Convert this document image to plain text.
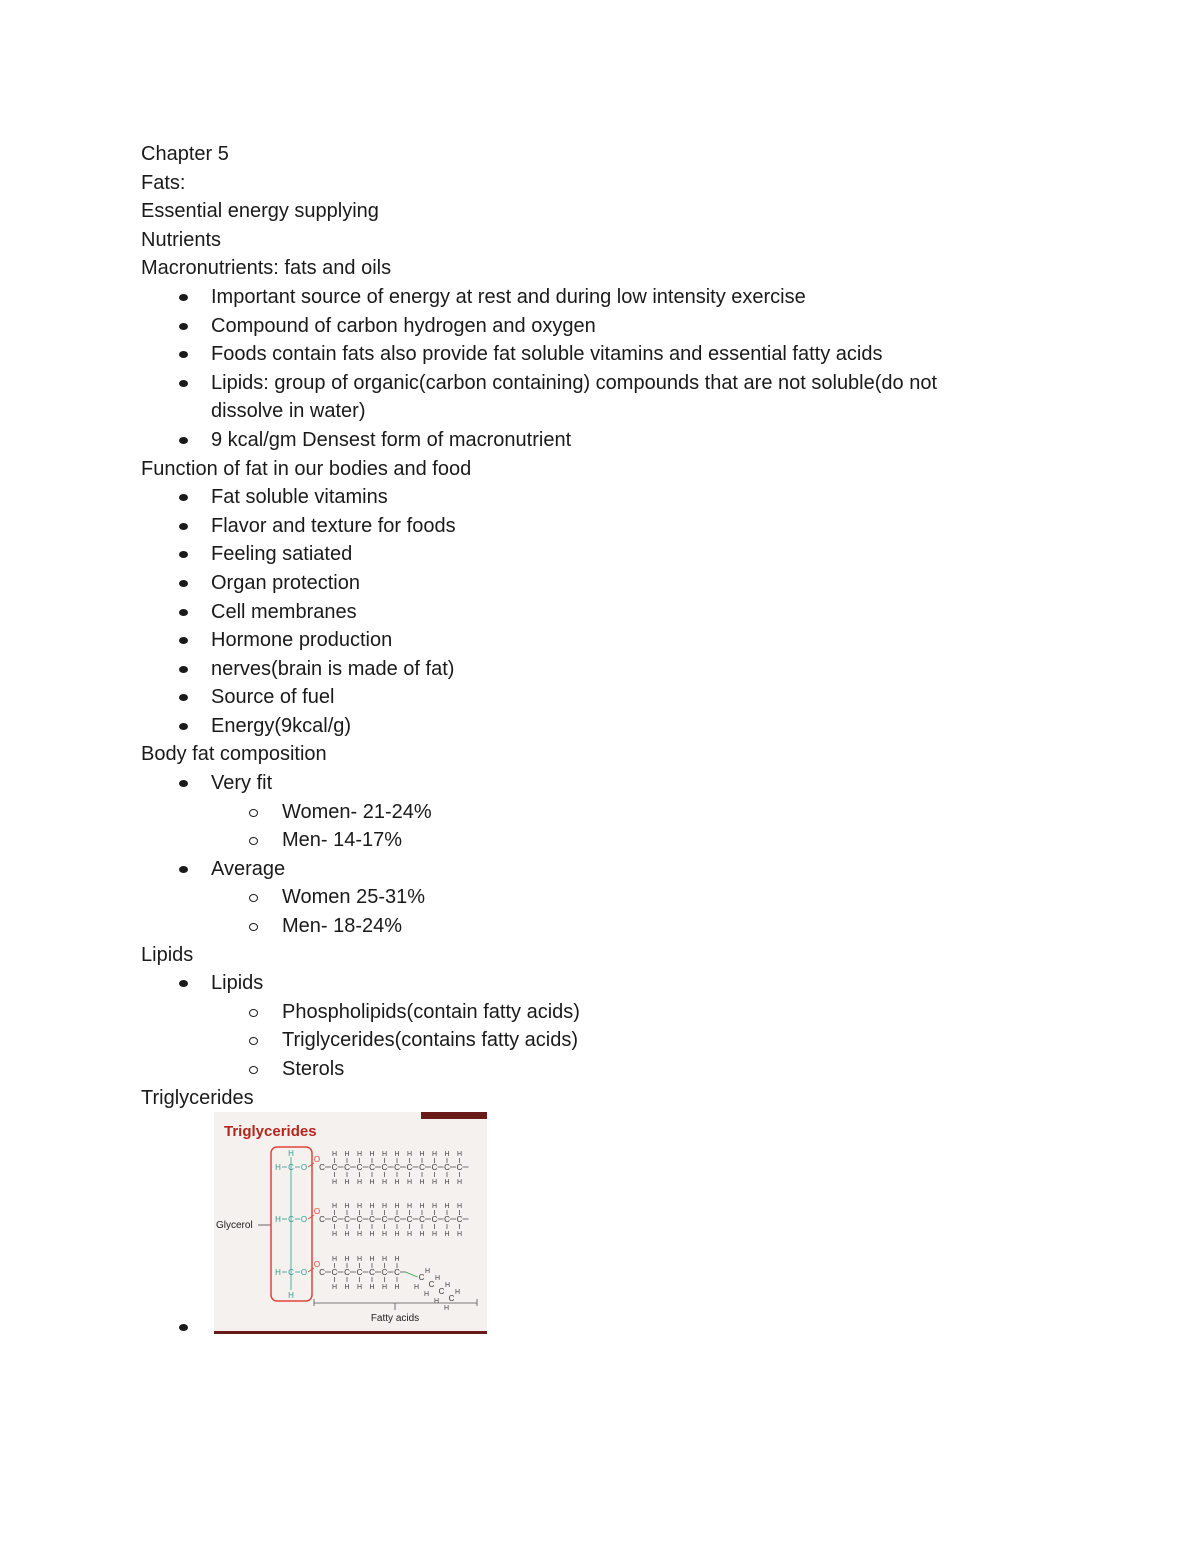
Chapter 5
Fats:
Essential energy supplying
Nutrients
Macronutrients: fats and oils
Important source of energy at rest and during low intensity exercise
Compound of carbon hydrogen and oxygen
Foods contain fats also provide fat soluble vitamins and essential fatty acids
Lipids: group of organic(carbon containing) compounds that are not soluble(do not dissolve in water)
9 kcal/gm Densest form of macronutrient
Function of fat in our bodies and food
Fat soluble vitamins
Flavor and texture for foods
Feeling satiated
Organ protection
Cell membranes
Hormone production
nerves(brain is made of fat)
Source of fuel
Energy(9kcal/g)
Body fat composition
Very fit
Women- 21-24%
Men- 14-17%
Average
Women 25-31%
Men- 18-24%
Lipids
Lipids
Phospholipids(contain fatty acids)
Triglycerides(contains fatty acids)
Sterols
Triglycerides
Triglycerides
Glycerol
C
H O
C
H O
C
H O
H
H
O
C C
H
H
C
H
H
C
H
H
C
H
H
C
H
H
C
H
H
C
H
H
C
H
H
C
H
H
C
H
H
C
H
H
O
C C
H
H
C
H
H
C
H
H
C
H
H
C
H
H
C
H
H
C
H
H
C
H
H
C
H
H
C
H
H
C
H
H
O
C C
H
H
C
H
H
C
H
H
C
H
H
C
H
H
C
H
H
C
H
H C
H
H C
H
H C
H
H
Fatty acids
